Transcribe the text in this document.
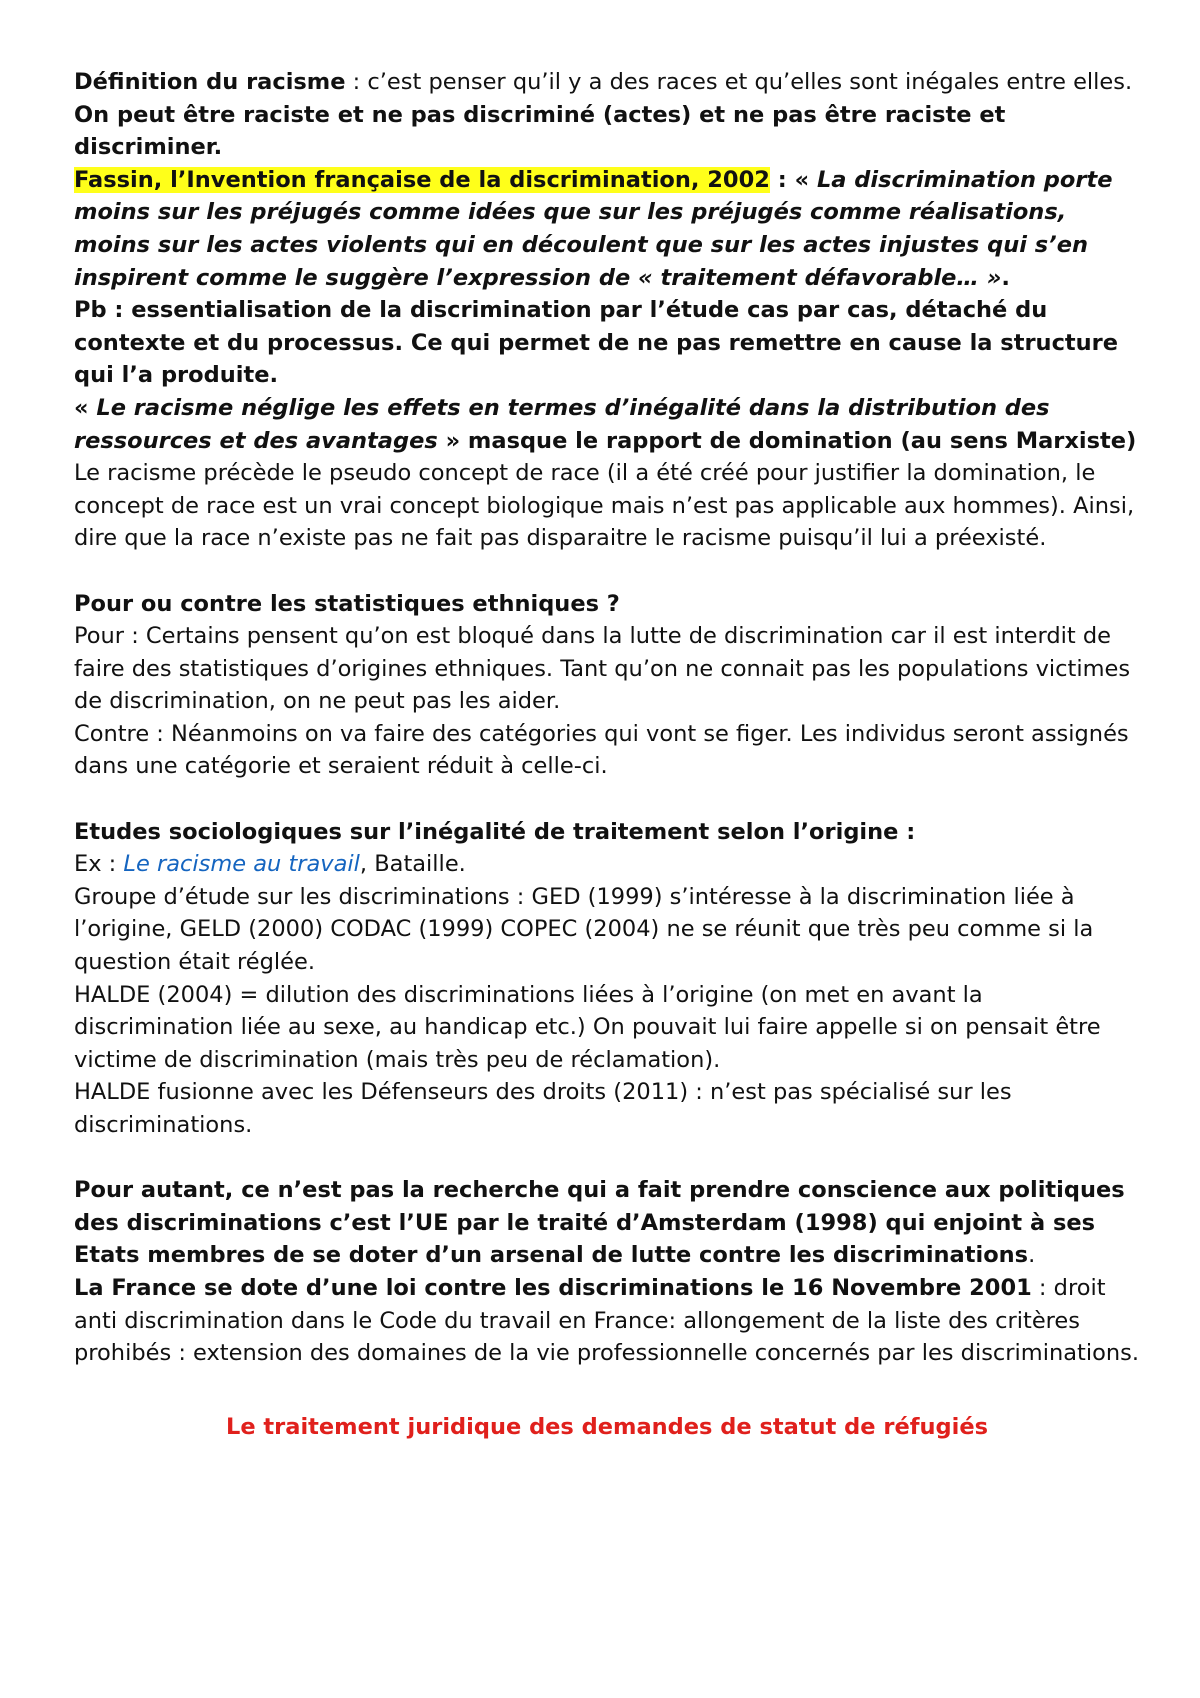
Définition du racisme : c’est penser qu’il y a des races et qu’elles sont inégales entre elles. On peut être raciste et ne pas discriminé (actes) et ne pas être raciste et discriminer.

Fassin, l’Invention française de la discrimination, 2002 : « La discrimination porte moins sur les préjugés comme idées que sur les préjugés comme réalisations, moins sur les actes violents qui en découlent que sur les actes injustes qui s’en inspirent comme le suggère l’expression de « traitement défavorable… ».

Pb : essentialisation de la discrimination par l’étude cas par cas, détaché du contexte et du processus. Ce qui permet de ne pas remettre en cause la structure qui l’a produite.

« Le racisme néglige les effets en termes d’inégalité dans la distribution des ressources et des avantages » masque le rapport de domination (au sens Marxiste)

Le racisme précède le pseudo concept de race (il a été créé pour justifier la domination, le concept de race est un vrai concept biologique mais n’est pas applicable aux hommes). Ainsi, dire que la race n’existe pas ne fait pas disparaitre le racisme puisqu’il lui a préexisté.

Pour ou contre les statistiques ethniques ?

Pour : Certains pensent qu’on est bloqué dans la lutte de discrimination car il est interdit de faire des statistiques d’origines ethniques. Tant qu’on ne connait pas les populations victimes de discrimination, on ne peut pas les aider.

Contre : Néanmoins on va faire des catégories qui vont se figer. Les individus seront assignés dans une catégorie et seraient réduit à celle-ci.

Etudes sociologiques sur l’inégalité de traitement selon l’origine :

Ex : Le racisme au travail, Bataille.

Groupe d’étude sur les discriminations : GED (1999) s’intéresse à la discrimination liée à l’origine, GELD (2000) CODAC (1999) COPEC (2004) ne se réunit que très peu comme si la question était réglée.

HALDE (2004) = dilution des discriminations liées à l’origine (on met en avant la discrimination liée au sexe, au handicap etc.) On pouvait lui faire appelle si on pensait être victime de discrimination (mais très peu de réclamation).

HALDE fusionne avec les Défenseurs des droits (2011) : n’est pas spécialisé sur les discriminations.

Pour autant, ce n’est pas la recherche qui a fait prendre conscience aux politiques des discriminations c’est l’UE par le traité d’Amsterdam (1998) qui enjoint à ses Etats membres de se doter d’un arsenal de lutte contre les discriminations.

La France se dote d’une loi contre les discriminations le 16 Novembre 2001 : droit anti discrimination dans le Code du travail en France: allongement de la liste des critères prohibés : extension des domaines de la vie professionnelle concernés par les discriminations.

Le traitement juridique des demandes de statut de réfugiés
